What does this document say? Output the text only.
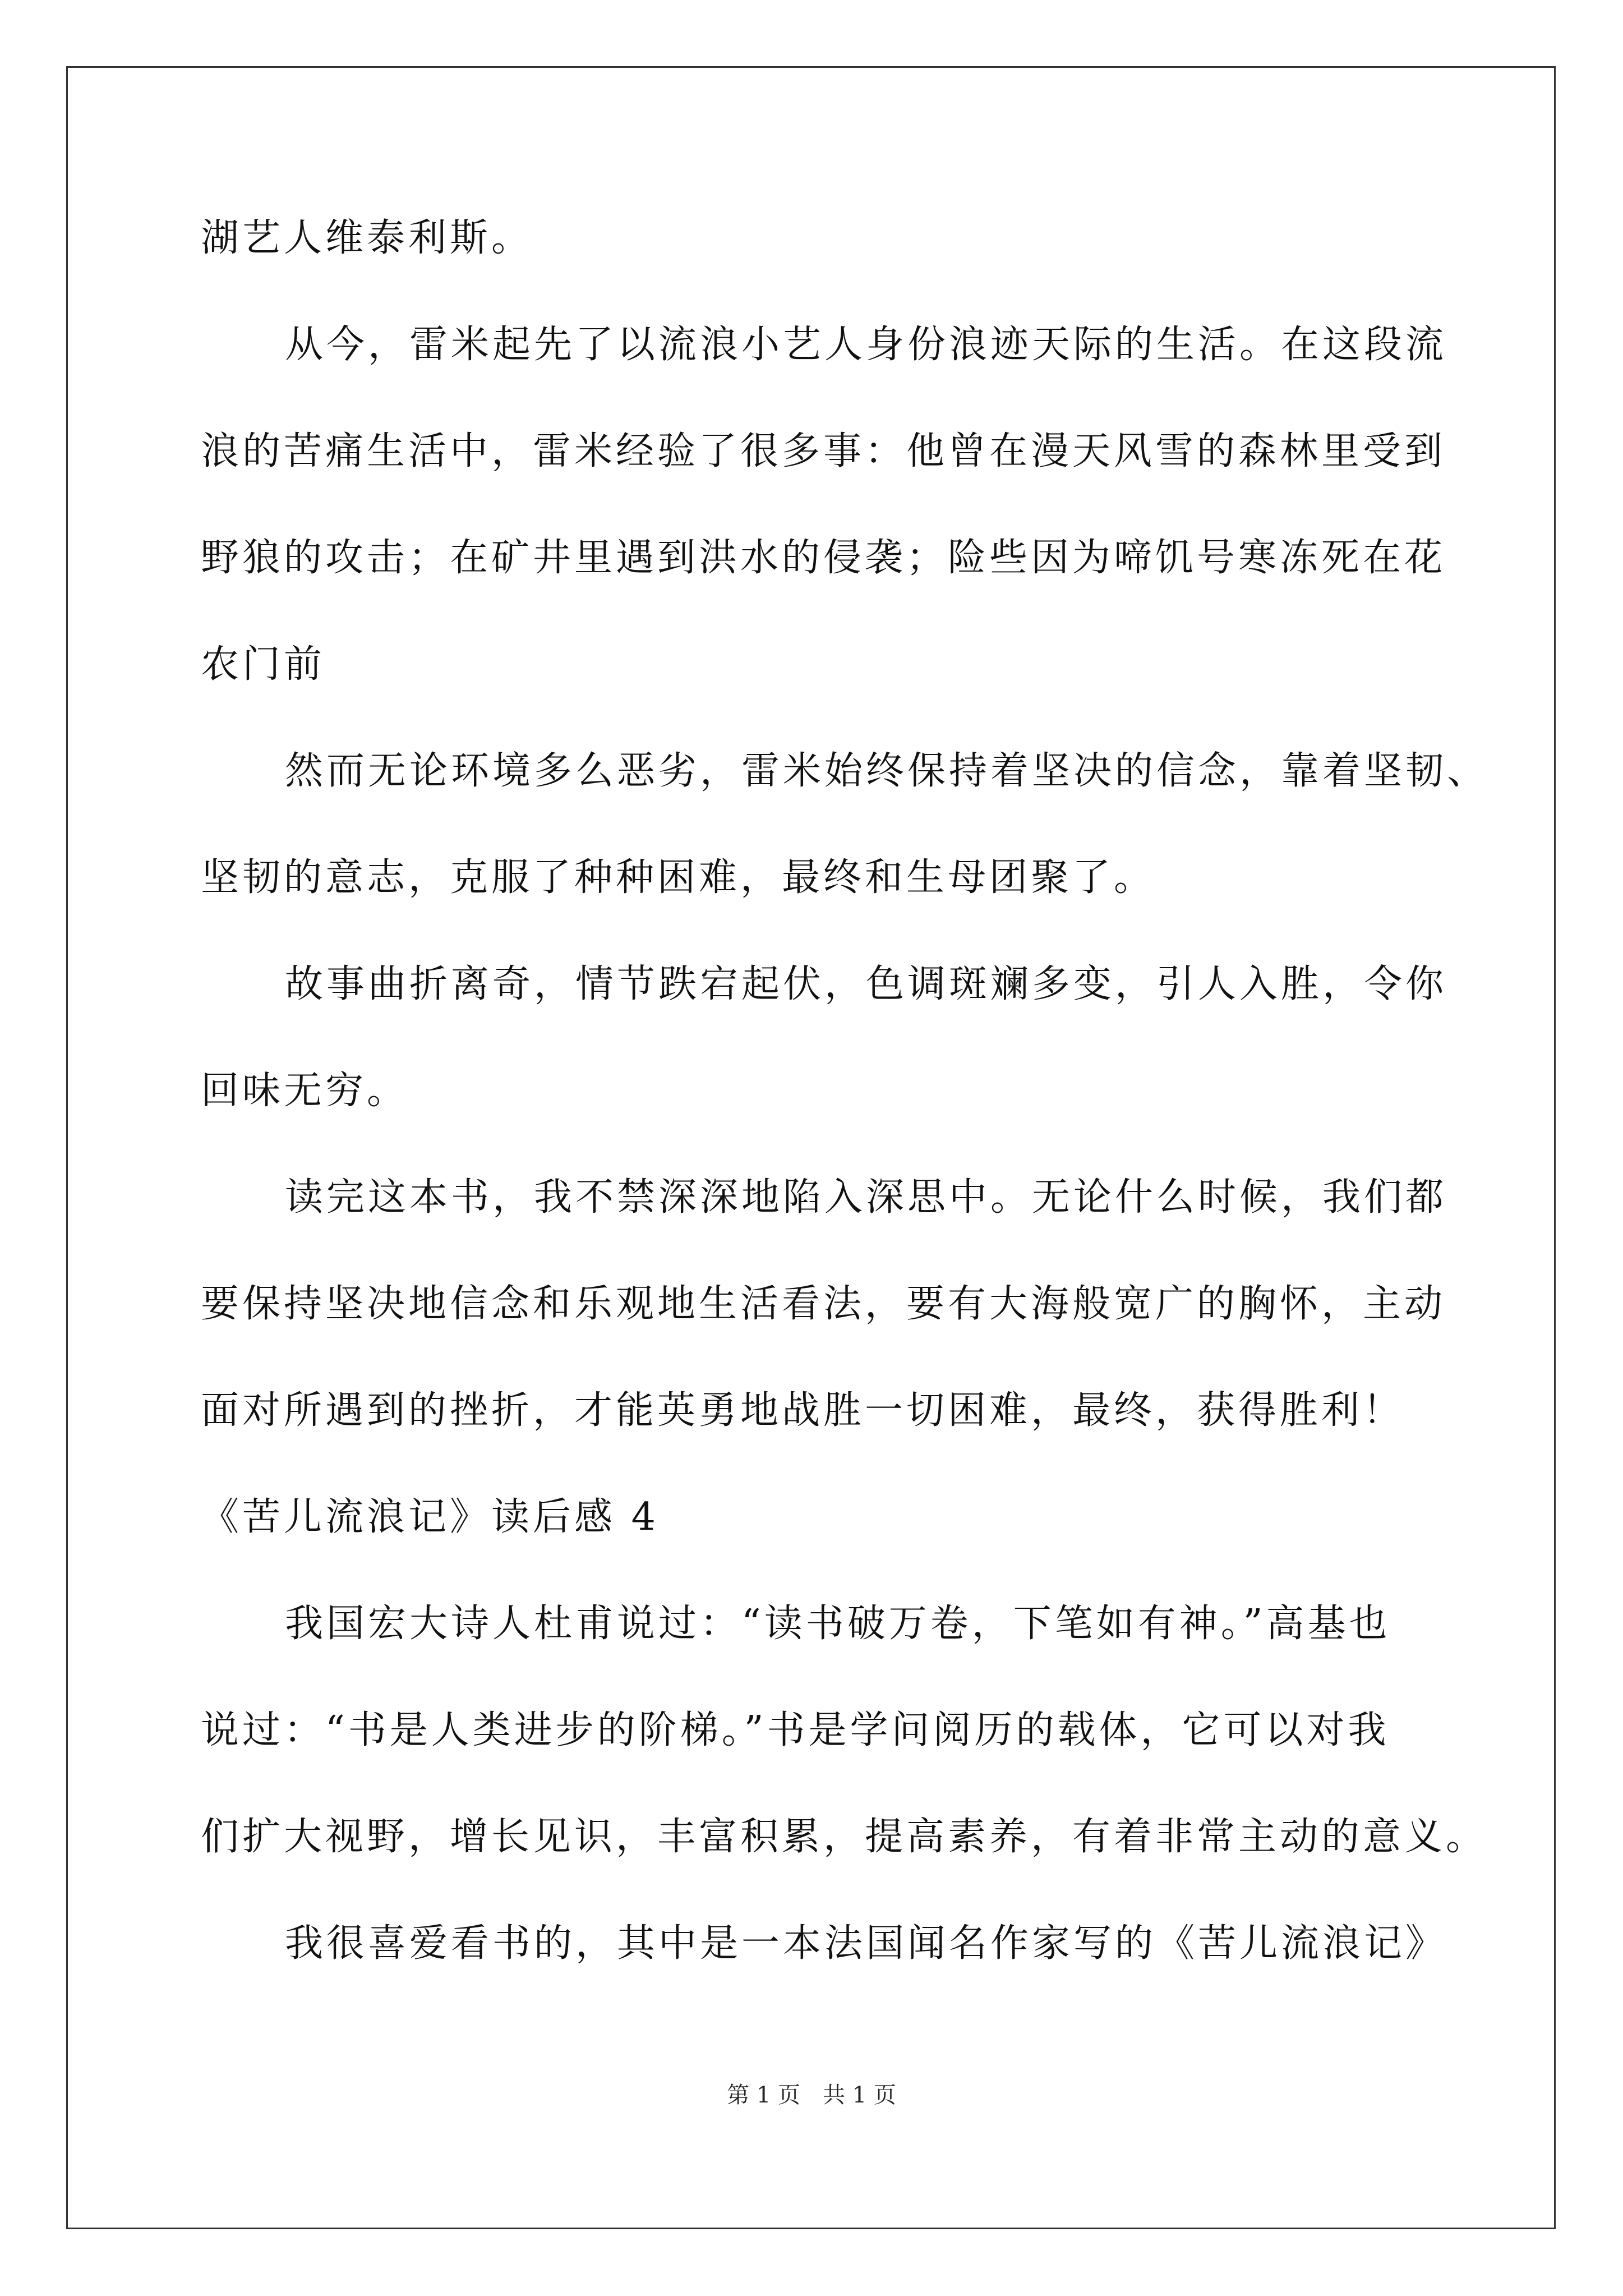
湖艺人维泰利斯。
从今，雷米起先了以流浪小艺人身份浪迹天际的生活。在这段流
浪的苦痛生活中，雷米经验了很多事：他曾在漫天风雪的森林里受到
野狼的攻击；在矿井里遇到洪水的侵袭；险些因为啼饥号寒冻死在花
农门前
然而无论环境多么恶劣，雷米始终保持着坚决的信念，靠着坚韧、
坚韧的意志，克服了种种困难，最终和生母团聚了。
故事曲折离奇，情节跌宕起伏，色调斑斓多变，引人入胜，令你
回味无穷。
读完这本书，我不禁深深地陷入深思中。无论什么时候，我们都
要保持坚决地信念和乐观地生活看法，要有大海般宽广的胸怀，主动
面对所遇到的挫折，才能英勇地战胜一切困难，最终，获得胜利！
《苦儿流浪记》读后感 4
我国宏大诗人杜甫说过：“读书破万卷，下笔如有神。”高基也
说过：“书是人类进步的阶梯。”书是学问阅历的载体，它可以对我
们扩大视野，增长见识，丰富积累，提高素养，有着非常主动的意义。
我很喜爱看书的，其中是一本法国闻名作家写的《苦儿流浪记》
第 1 页 共 1 页
